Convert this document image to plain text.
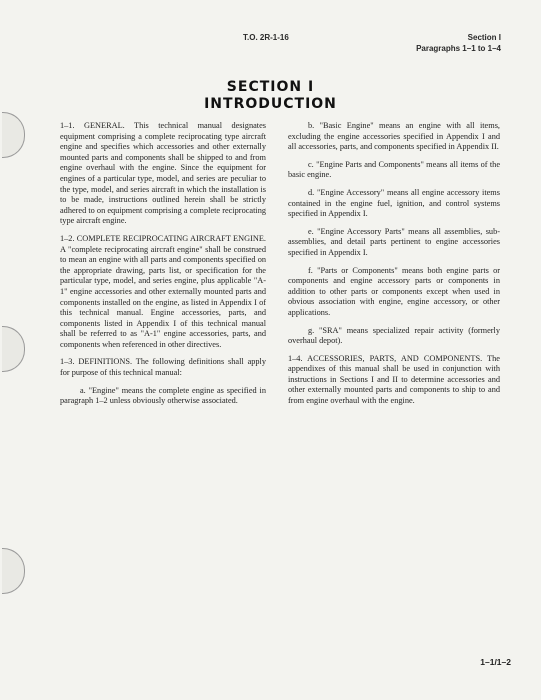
T.O. 2R-1-16	Section I
Paragraphs 1–1 to 1–4
SECTION I
INTRODUCTION

1–1. GENERAL. This technical manual designates equipment comprising a complete reciprocating type aircraft engine and specifies which accessories and other externally mounted parts and components shall be shipped to and from engine overhaul with the engine. Since the equipment for engines of a particular type, model, and series are peculiar to the type, model, and series aircraft in which the installation is to be made, instructions outlined herein shall be strictly adhered to on equipment comprising a complete reciprocating type aircraft engine.

1–2. COMPLETE RECIPROCATING AIRCRAFT ENGINE. A "complete reciprocating aircraft engine" shall be construed to mean an engine with all parts and components specified on the appropriate drawing, parts list, or specification for the particular type, model, and series engine, plus applicable "A-1" engine accessories and other externally mounted parts and components installed on the engine, as listed in Appendix I of this technical manual. Engine accessories, parts, and components listed in Appendix I of this technical manual shall be referred to as "A-1" engine accessories, parts, and components when referenced in other directives.

1–3. DEFINITIONS. The following definitions shall apply for purpose of this technical manual:

a. "Engine" means the complete engine as specified in paragraph 1–2 unless obviously otherwise associated.

b. "Basic Engine" means an engine with all items, excluding the engine accessories specified in Appendix I and all accessories, parts, and components specified in Appendix II.

c. "Engine Parts and Components" means all items of the basic engine.

d. "Engine Accessory" means all engine accessory items contained in the engine fuel, ignition, and control systems specified in Appendix I.

e. "Engine Accessory Parts" means all assemblies, sub-assemblies, and detail parts pertinent to engine accessories specified in Appendix I.

f. "Parts or Components" means both engine parts or components and engine accessory parts or components in addition to other parts or components except when used in obvious association with engine, engine accessory, or other applications.

g. "SRA" means specialized repair activity (formerly overhaul depot).

1–4. ACCESSORIES, PARTS, AND COMPONENTS. The appendixes of this manual shall be used in conjunction with instructions in Sections I and II to determine accessories and other externally mounted parts and components to ship to and from engine overhaul with the engine.

1–1/1–2
